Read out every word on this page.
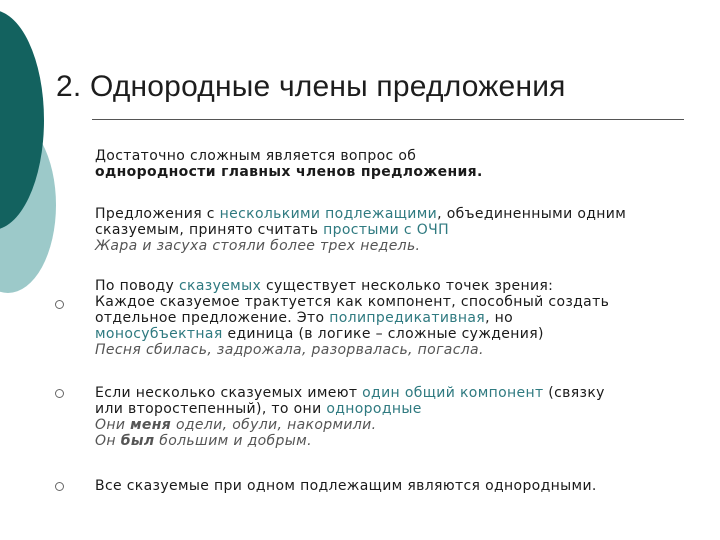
2. Однородные члены предложения
Достаточно сложным является вопрос об
однородности главных членов предложения.
Предложения с несколькими подлежащими, объединенными одним
сказуемым, принято считать простыми с ОЧП
Жара и засуха стояли более трех недель.
По поводу сказуемых существует несколько точек зрения:
Каждое сказуемое трактуется как компонент, способный создать
отдельное предложение. Это полипредикативная, но
моносубъектная единица (в логике – сложные суждения)
Песня сбилась, задрожала, разорвалась, погасла.
Если несколько сказуемых имеют один общий компонент (связку
или второстепенный), то они однородные
Они меня одели, обули, накормили.
Он был большим и добрым.
Все сказуемые при одном подлежащим являются однородными.
